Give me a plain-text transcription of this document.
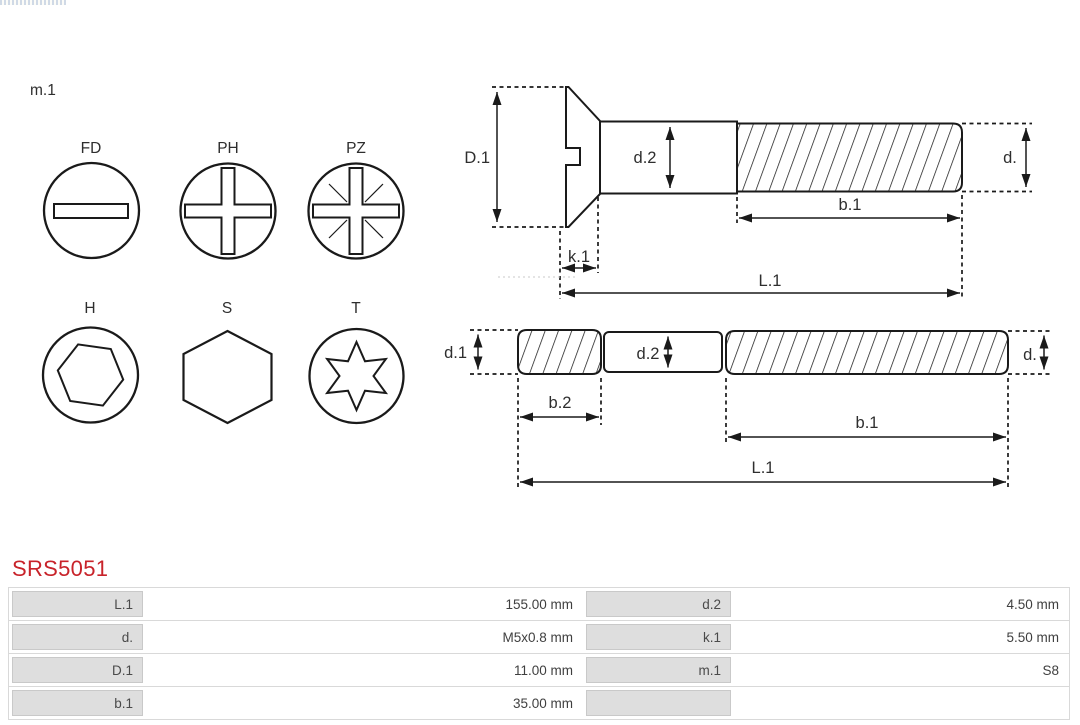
m.1
FD	PH	PZ
H	S	T
D.1	d.2	d.
k.1
b.1
L.1
d.1	d.2	d.
b.2
b.1
L.1
SRS5051
L.1	155.00 mm	d.2	4.50 mm
d.	M5x0.8 mm	k.1	5.50 mm
D.1	11.00 mm	m.1	S8
b.1	35.00 mm
